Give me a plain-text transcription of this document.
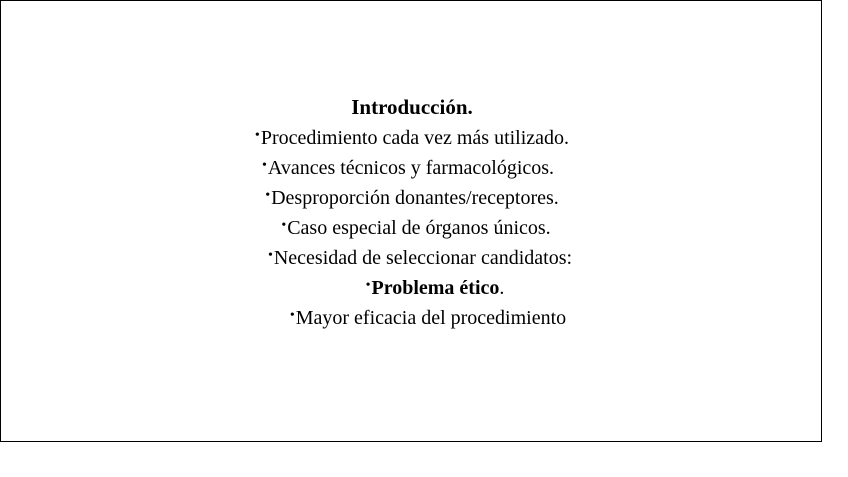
Introducción.
•Procedimiento cada vez más utilizado.
•Avances técnicos y farmacológicos.
•Desproporción donantes/receptores.
•Caso especial de órganos únicos.
•Necesidad de seleccionar candidatos:
•Problema ético.
•Mayor eficacia del procedimiento
